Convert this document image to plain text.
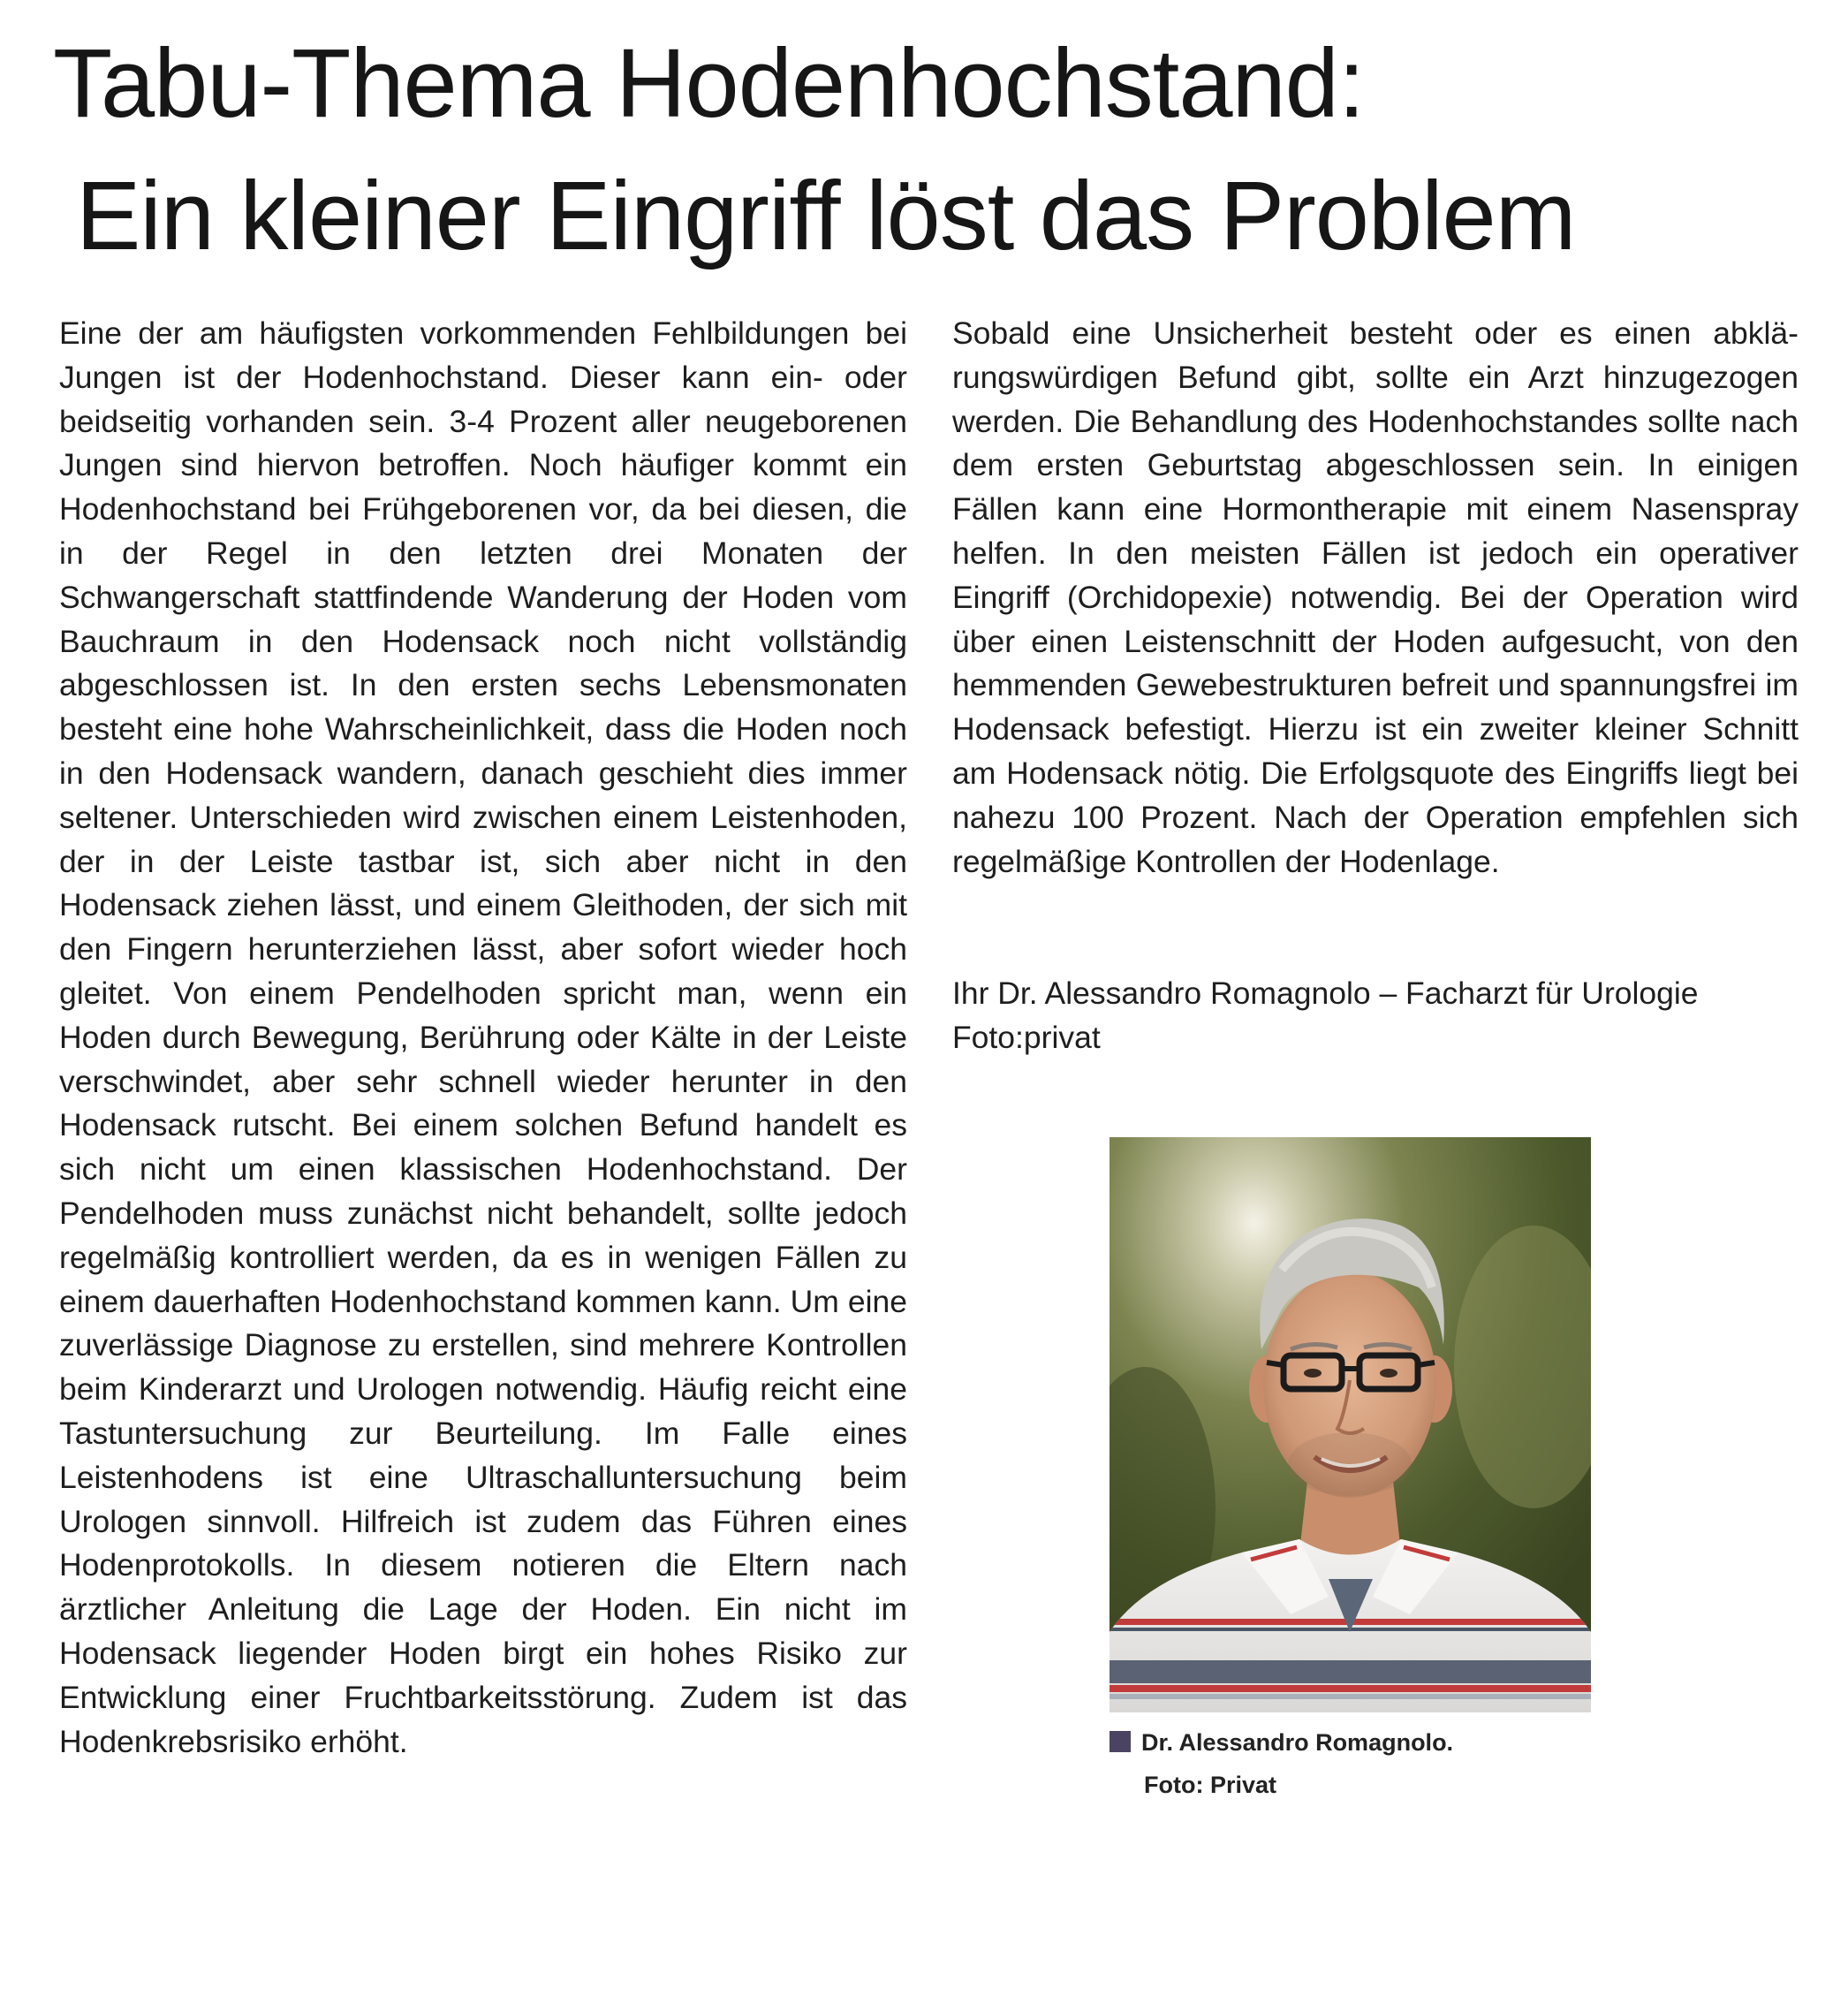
Tabu-Thema Hodenhochstand:
Ein kleiner Eingriff löst das Problem

Eine der am häufigsten vorkommenden Fehlbildungen bei Jungen ist der Hodenhochstand. Dieser kann ein- oder beidseitig vorhanden sein. 3-4 Prozent aller neugeborenen Jungen sind hiervon betroffen. Noch häufiger kommt ein Hodenhochstand bei Frühgeborenen vor, da bei diesen, die in der Regel in den letzten drei Monaten der Schwangerschaft stattfindende Wanderung der Hoden vom Bauchraum in den Hodensack noch nicht vollständig abgeschlossen ist. In den ersten sechs Lebensmonaten besteht eine hohe Wahrscheinlichkeit, dass die Hoden noch in den Hodensack wandern, danach geschieht dies immer seltener. Unterschieden wird zwischen einem Leistenhoden, der in der Leiste tastbar ist, sich aber nicht in den Hodensack ziehen lässt, und einem Gleithoden, der sich mit den Fingern herunterziehen lässt, aber sofort wieder hoch gleitet. Von einem Pendelhoden spricht man, wenn ein Hoden durch Bewegung, Berührung oder Kälte in der Leiste verschwindet, aber sehr schnell wieder herunter in den Hodensack rutscht. Bei einem solchen Befund handelt es sich nicht um einen klassischen Hodenhochstand. Der Pendelhoden muss zunächst nicht behandelt, sollte jedoch regelmäßig kontrolliert werden, da es in wenigen Fällen zu einem dauerhaften Hodenhochstand kommen kann. Um eine zuverlässige Diagnose zu erstellen, sind mehrere Kontrollen beim Kinderarzt und Urologen notwendig. Häufig reicht eine Tastuntersuchung zur Beurteilung. Im Falle eines Leistenhodens ist eine Ultraschalluntersuchung beim Urologen sinnvoll. Hilfreich ist zudem das Führen eines Hodenprotokolls. In diesem notieren die Eltern nach ärztlicher Anleitung die Lage der Hoden. Ein nicht im Hodensack liegender Hoden birgt ein hohes Risiko zur Entwicklung einer Fruchtbarkeitsstörung. Zudem ist das Hodenkrebsrisiko erhöht.

Sobald eine Unsicherheit besteht oder es einen abklärungswürdigen Befund gibt, sollte ein Arzt hinzugezogen werden. Die Behandlung des Hodenhochstandes sollte nach dem ersten Geburtstag abgeschlossen sein. In einigen Fällen kann eine Hormontherapie mit einem Nasenspray helfen. In den meisten Fällen ist jedoch ein operativer Eingriff (Orchidopexie) notwendig. Bei der Operation wird über einen Leistenschnitt der Hoden aufgesucht, von den hemmenden Gewebestrukturen befreit und spannungsfrei im Hodensack befestigt. Hierzu ist ein zweiter kleiner Schnitt am Hodensack nötig. Die Erfolgsquote des Eingriffs liegt bei nahezu 100 Prozent. Nach der Operation empfehlen sich regelmäßige Kontrollen der Hodenlage.

Ihr Dr. Alessandro Romagnolo – Facharzt für Urologie
Foto:privat
Dr. Alessandro Romagnolo.
Foto: Privat
